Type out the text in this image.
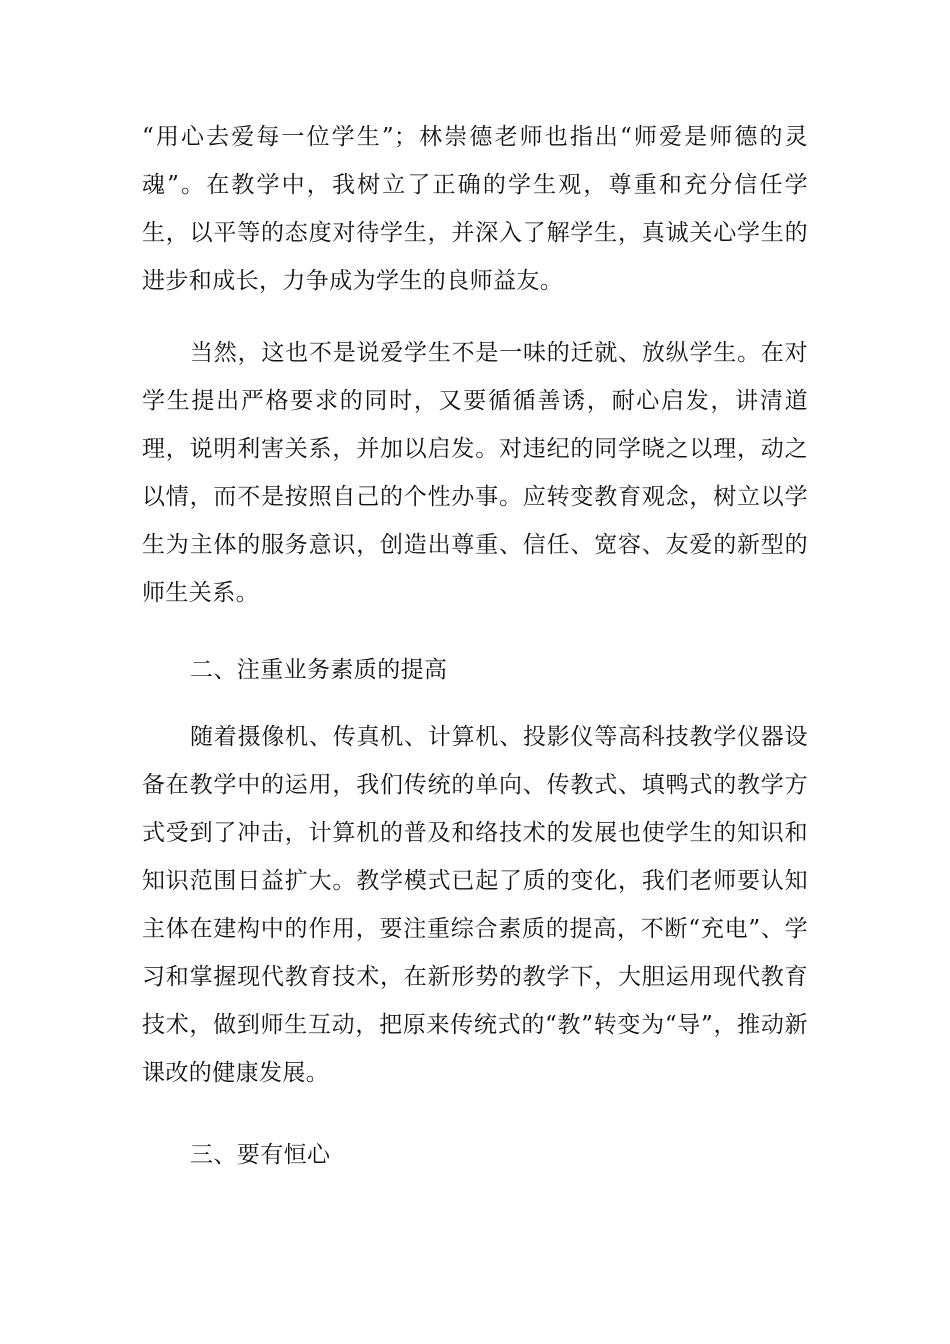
“用心去爱每一位学生”；林崇德老师也指出“师爱是师德的灵魂”。在教学中，我树立了正确的学生观，尊重和充分信任学生，以平等的态度对待学生，并深入了解学生，真诚关心学生的进步和成长，力争成为学生的良师益友。

当然，这也不是说爱学生不是一味的迁就、放纵学生。在对学生提出严格要求的同时，又要循循善诱，耐心启发，讲清道理，说明利害关系，并加以启发。对违纪的同学晓之以理，动之以情，而不是按照自己的个性办事。应转变教育观念，树立以学生为主体的服务意识，创造出尊重、信任、宽容、友爱的新型的师生关系。

二、注重业务素质的提高

随着摄像机、传真机、计算机、投影仪等高科技教学仪器设备在教学中的运用，我们传统的单向、传教式、填鸭式的教学方式受到了冲击，计算机的普及和络技术的发展也使学生的知识和知识范围日益扩大。教学模式已起了质的变化，我们老师要认知主体在建构中的作用，要注重综合素质的提高，不断“充电”、学习和掌握现代教育技术，在新形势的教学下，大胆运用现代教育技术，做到师生互动，把原来传统式的“教”转变为“导”，推动新课改的健康发展。

三、要有恒心
